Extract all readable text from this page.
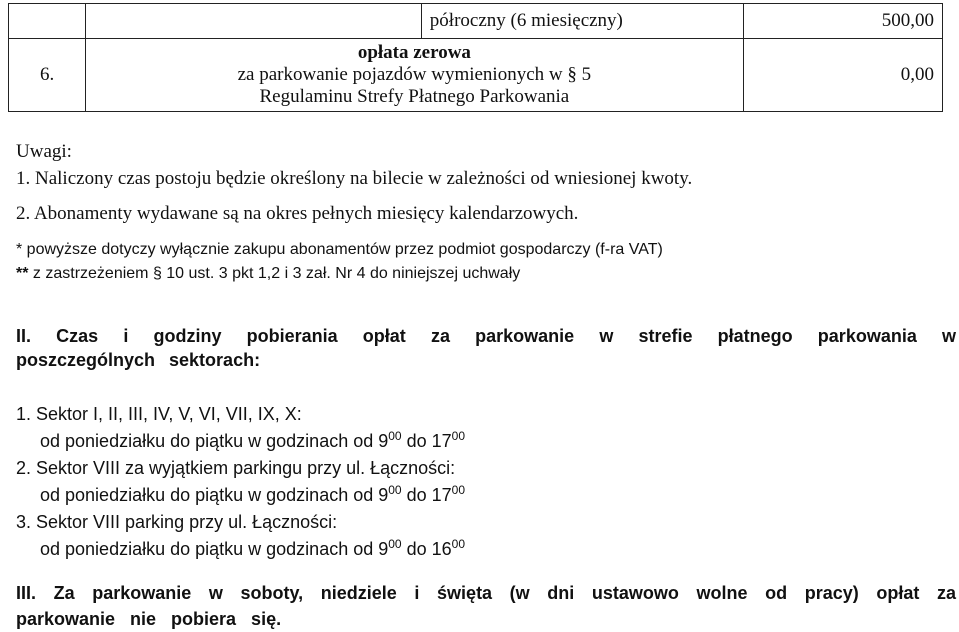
		półroczny (6 miesięczny)	500,00
6.	opłata zerowa
za parkowanie pojazdów wymienionych w § 5
Regulaminu Strefy Płatnego Parkowania		0,00
Uwagi:
1. Naliczony czas postoju będzie określony na bilecie w zależności od wniesionej kwoty.
2. Abonamenty wydawane są na okres pełnych miesięcy kalendarzowych.
* powyższe dotyczy wyłącznie zakupu abonamentów przez podmiot gospodarczy (f-ra VAT)
** z zastrzeżeniem § 10 ust. 3 pkt 1,2 i 3 zał. Nr 4 do niniejszej uchwały
II. Czas i godziny pobierania opłat za parkowanie w strefie płatnego parkowania w poszczególnych sektorach:
1. Sektor I, II, III, IV, V, VI, VII, IX, X:
od poniedziałku do piątku w godzinach od $9^{00}$ do $17^{00}$
2. Sektor VIII za wyjątkiem parkingu przy ul. Łączności:
od poniedziałku do piątku w godzinach od $9^{00}$ do $17^{00}$
3. Sektor VIII parking przy ul. Łączności:
od poniedziałku do piątku w godzinach od $9^{00}$ do $16^{00}$
III. Za parkowanie w soboty, niedziele i święta (w dni ustawowo wolne od pracy) opłat za parkowanie nie pobiera się.
